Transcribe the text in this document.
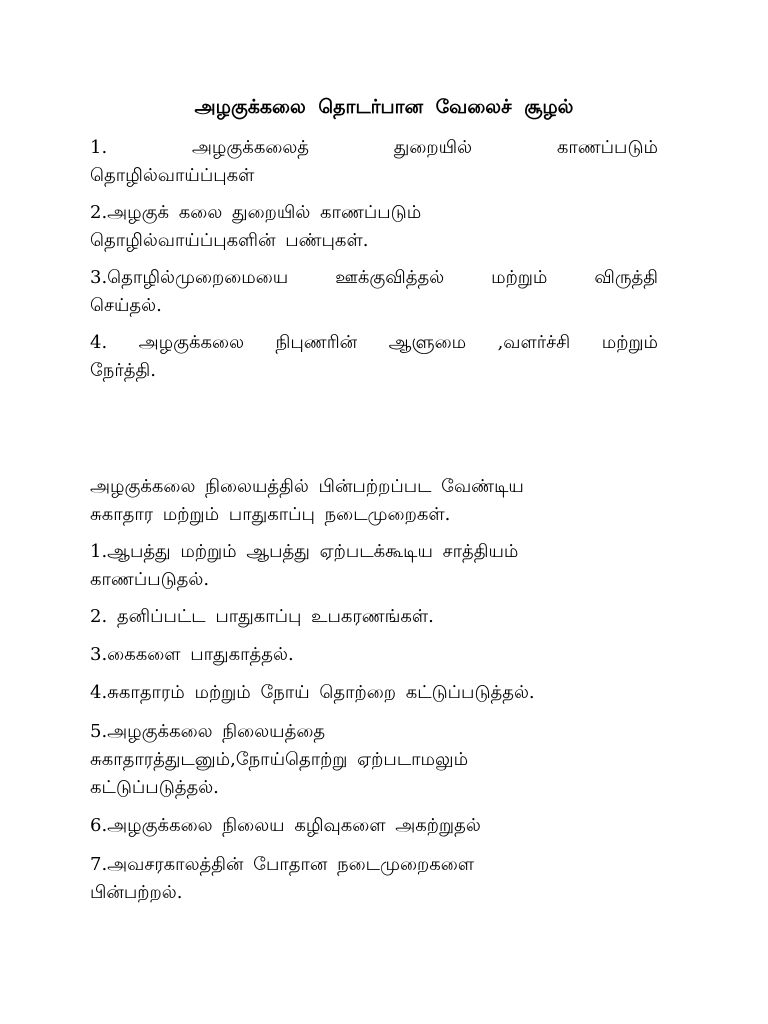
அழகுக்கலை தொடர்பான வேலைச் சூழல்

1. அழகுக்கலைத் துறையில் காணப்படும்
தொழில்வாய்ப்புகள்

2.அழகுக் கலை துறையில் காணப்படும்
தொழில்வாய்ப்புகளின் பண்புகள்.

3.தொழில்முறைமையை ஊக்குவித்தல் மற்றும் விருத்தி
செய்தல்.

4. அழகுக்கலை நிபுணரின் ஆளுமை ,வளர்ச்சி மற்றும்
நேர்த்தி.

அழகுக்கலை நிலையத்தில் பின்பற்றப்பட வேண்டிய
சுகாதார மற்றும் பாதுகாப்பு நடைமுறைகள்.

1.ஆபத்து மற்றும் ஆபத்து ஏற்படக்கூடிய சாத்தியம்
காணப்படுதல்.

2. தனிப்பட்ட பாதுகாப்பு உபகரணங்கள்.

3.கைகளை பாதுகாத்தல்.

4.சுகாதாரம் மற்றும் நோய் தொற்றை கட்டுப்படுத்தல்.

5.அழகுக்கலை நிலையத்தை
சுகாதாரத்துடனும்,நோய்தொற்று ஏற்படாமலும்
கட்டுப்படுத்தல்.

6.அழகுக்கலை நிலைய கழிவுகளை அகற்றுதல்

7.அவசரகாலத்தின் போதான நடைமுறைகளை
பின்பற்றல்.
